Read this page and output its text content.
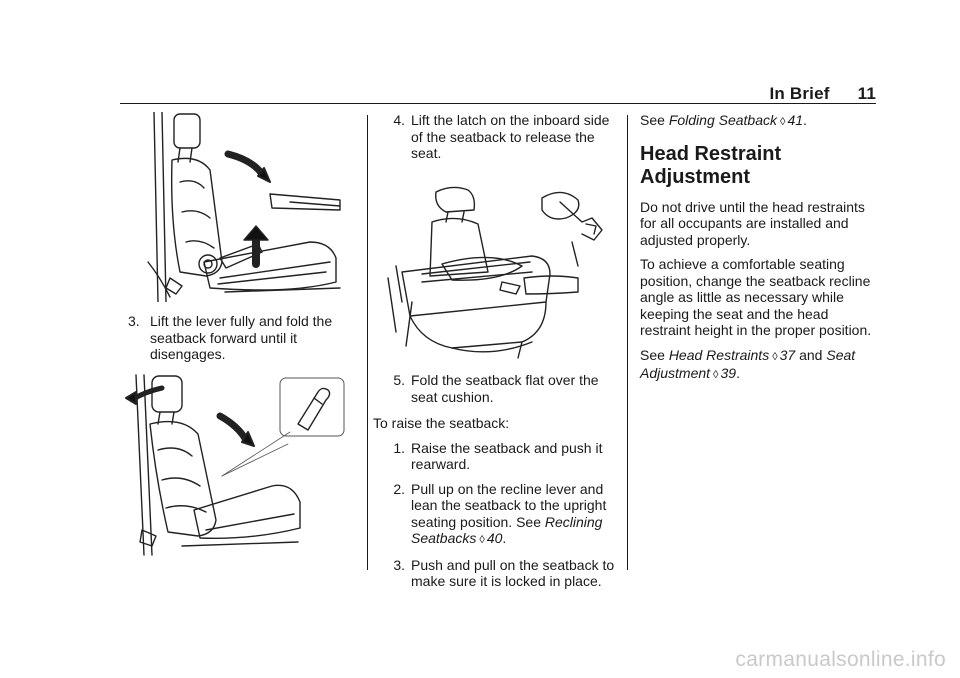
In Brief 11
3. Lift the lever fully and fold the seatback forward until it disengages.
4. Lift the latch on the inboard side of the seatback to release the seat.
5. Fold the seatback flat over the seat cushion.
To raise the seatback:
1. Raise the seatback and push it rearward.
2. Pull up on the recline lever and lean the seatback to the upright seating position. See Reclining Seatbacks ◊ 40.
3. Push and pull on the seatback to make sure it is locked in place.
See Folding Seatback ◊ 41.
Head Restraint Adjustment
Do not drive until the head restraints for all occupants are installed and adjusted properly.
To achieve a comfortable seating position, change the seatback recline angle as little as necessary while keeping the seat and the head restraint height in the proper position.
See Head Restraints ◊ 37 and Seat Adjustment ◊ 39.
carmanualsonline.info
